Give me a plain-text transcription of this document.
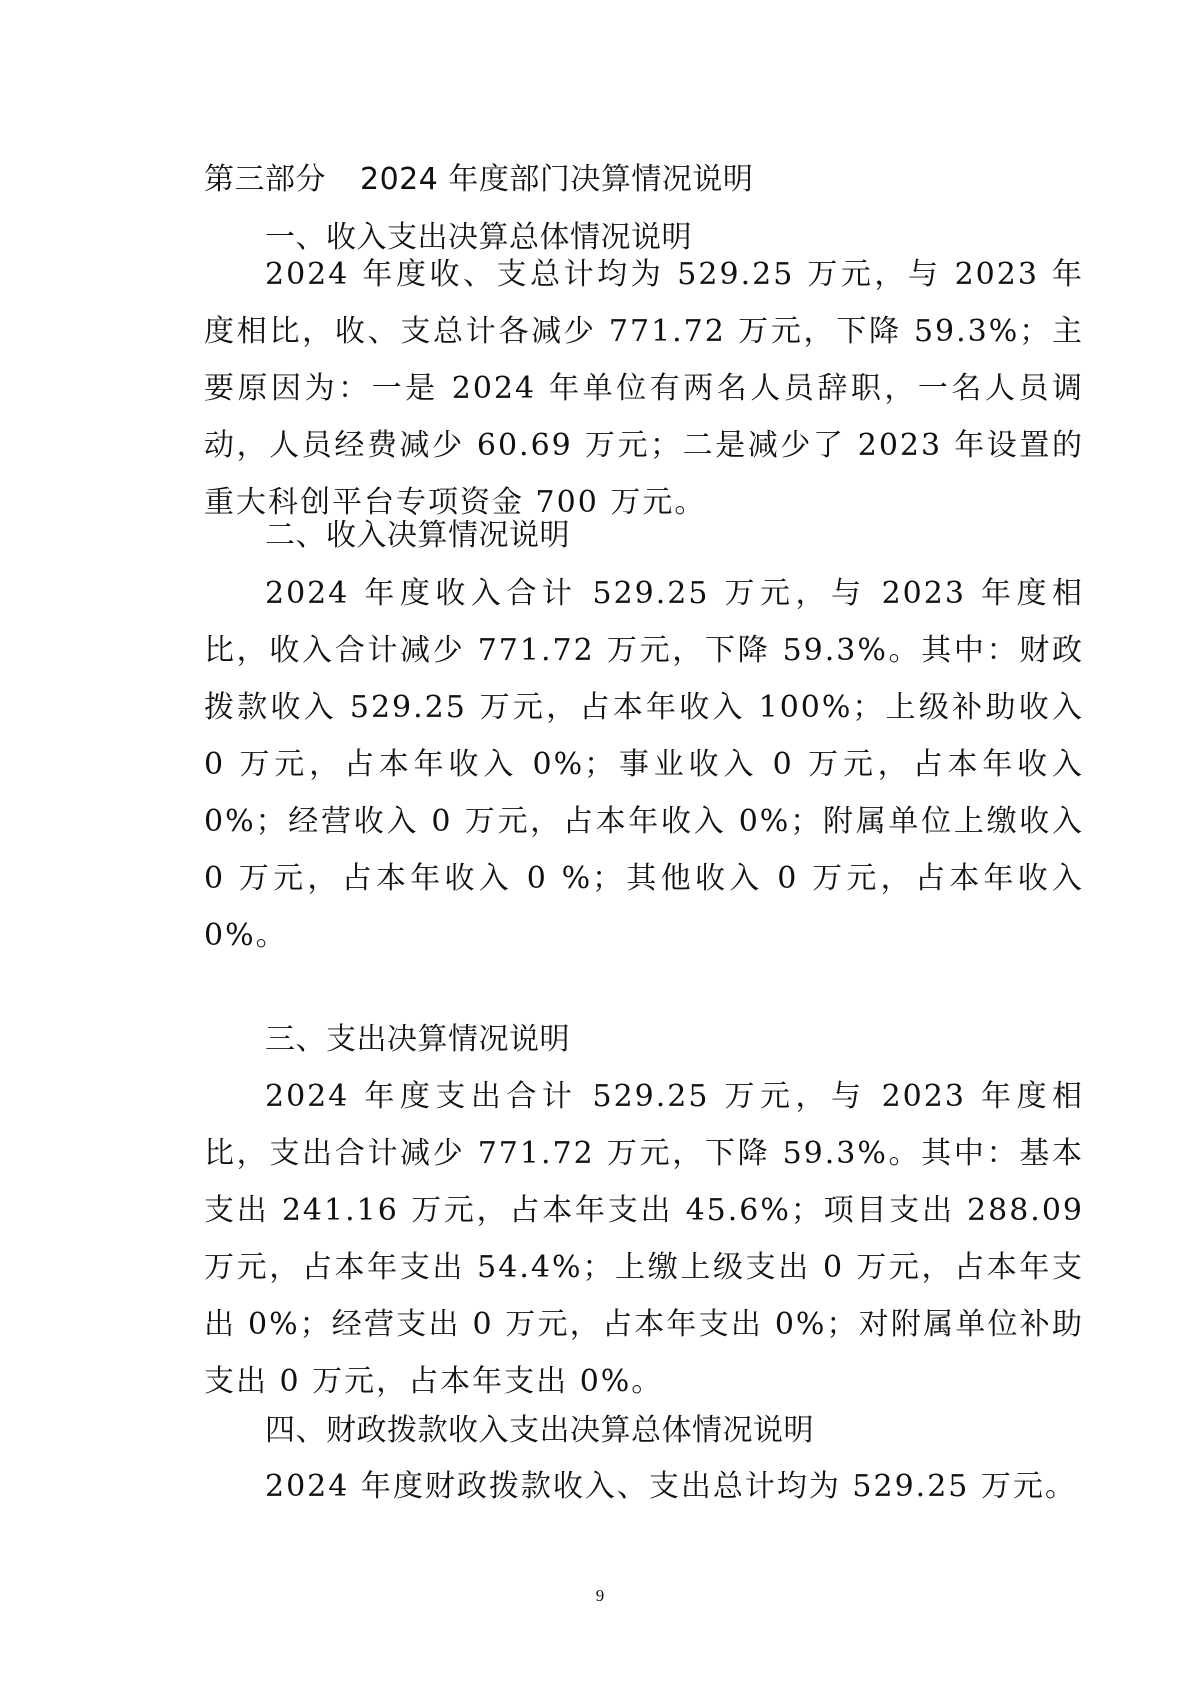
第三部分 2024 年度部门决算情况说明
一、收入支出决算总体情况说明

2024 年度收、支总计均为 529.25 万元，与 2023 年度相比，收、支总计各减少 771.72 万元，下降 59.3%；主要原因为：一是 2024 年单位有两名人员辞职，一名人员调动，人员经费减少 60.69 万元；二是减少了 2023 年设置的重大科创平台专项资金 700 万元。

二、收入决算情况说明

2024 年度收入合计 529.25 万元，与 2023 年度相比，收入合计减少 771.72 万元，下降 59.3%。其中：财政拨款收入 529.25 万元，占本年收入 100%；上级补助收入 0 万元，占本年收入 0%；事业收入 0 万元，占本年收入 0%；经营收入 0 万元，占本年收入 0%；附属单位上缴收入 0 万元，占本年收入 0 %；其他收入 0 万元，占本年收入 0%。

三、支出决算情况说明

2024 年度支出合计 529.25 万元，与 2023 年度相比，支出合计减少 771.72 万元，下降 59.3%。其中：基本支出 241.16 万元，占本年支出 45.6%；项目支出 288.09 万元，占本年支出 54.4%；上缴上级支出 0 万元，占本年支出 0%；经营支出 0 万元，占本年支出 0%；对附属单位补助支出 0 万元，占本年支出 0%。

四、财政拨款收入支出决算总体情况说明

2024 年度财政拨款收入、支出总计均为 529.25 万元。

9
